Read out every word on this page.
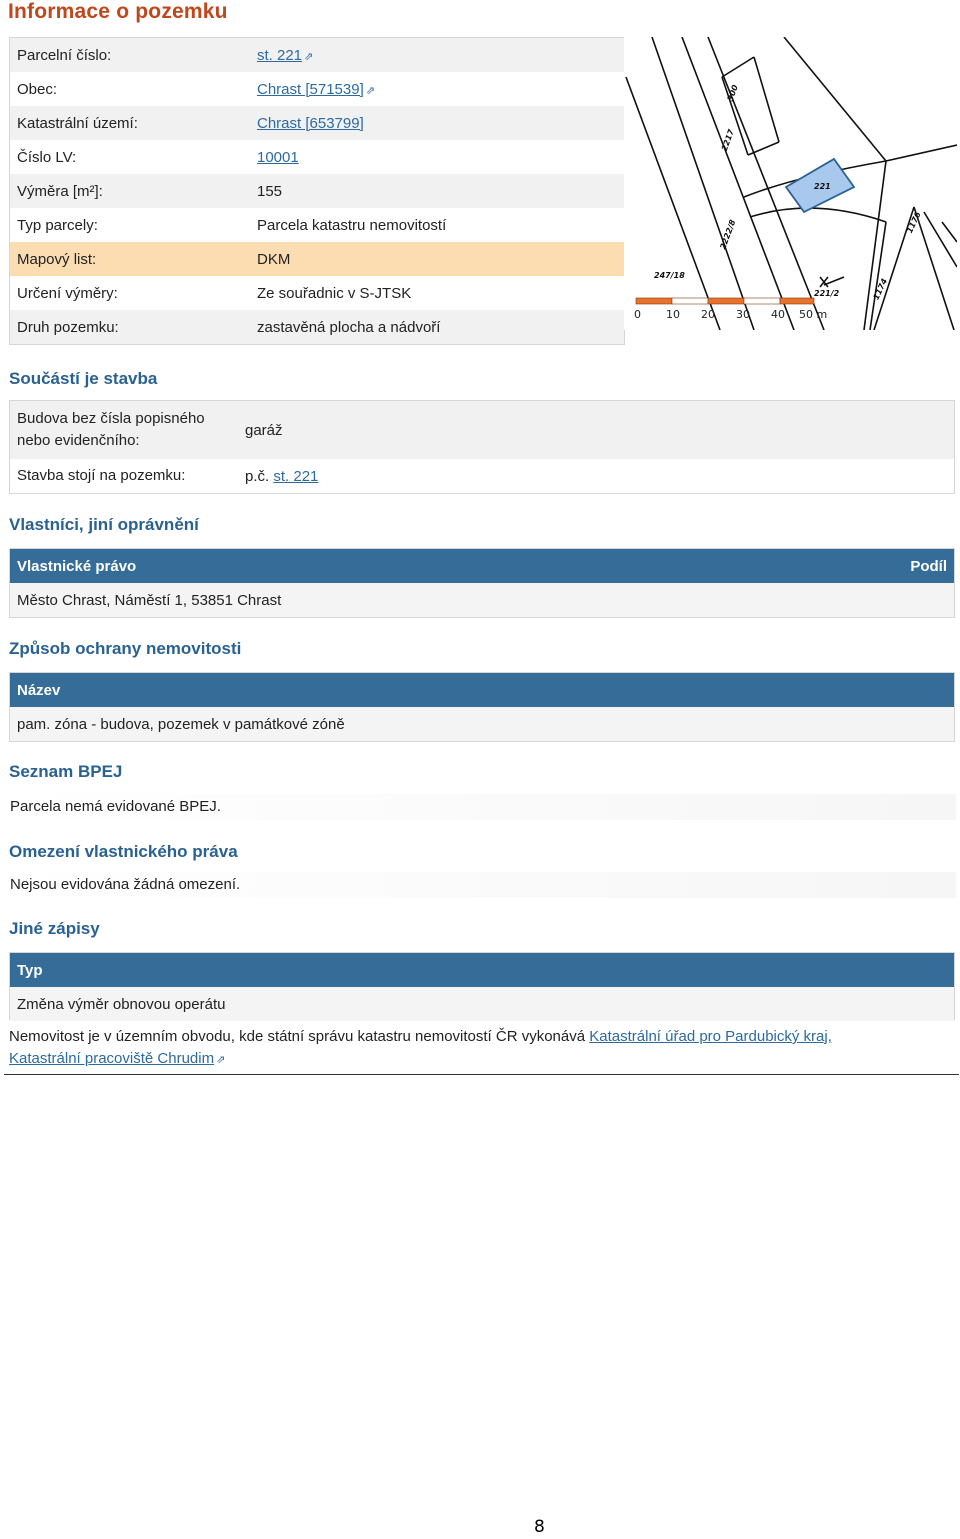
Informace o pozemku
Parcelní číslo:	st. 221 ⇗
Obec:	Chrast [571539] ⇗
Katastrální území:	Chrast [653799]
Číslo LV:	10001
Výměra [m²]:	155
Typ parcely:	Parcela katastru nemovitostí
Mapový list:	DKM
Určení výměry:	Ze souřadnic v S-JTSK
Druh pozemku:	zastavěná plocha a nádvoří
300
2217
221
2222/8
247/18
221/2
1176
1174
0 10 20 30 40 50 m
Součástí je stavba
Budova bez čísla popisného
nebo evidenčního:
garáž
Stavba stojí na pozemku:	p.č. st. 221
Vlastníci, jiní oprávnění
Vlastnické právo	Podíl
Město Chrast, Náměstí 1, 53851 Chrast
Způsob ochrany nemovitosti
Název
pam. zóna - budova, pozemek v památkové zóně
Seznam BPEJ
Parcela nemá evidované BPEJ.
Omezení vlastnického práva
Nejsou evidována žádná omezení.
Jiné zápisy
Typ
Změna výměr obnovou operátu
Nemovitost je v územním obvodu, kde státní správu katastru nemovitostí ČR vykonává Katastrální úřad pro Pardubický kraj,
Katastrální pracoviště Chrudim ⇗
8
